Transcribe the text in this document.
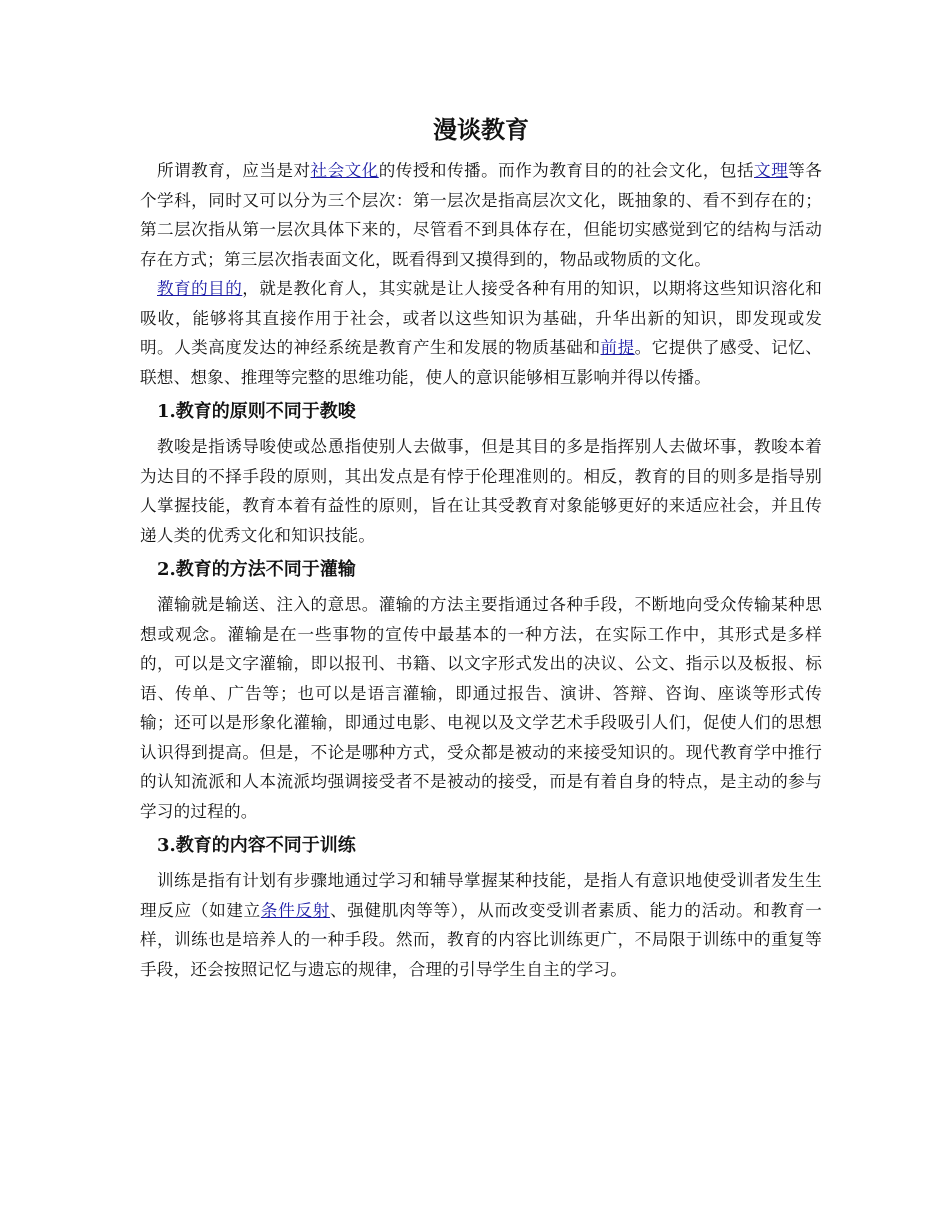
漫谈教育

所谓教育，应当是对社会文化的传授和传播。而作为教育目的的社会文化，包括文理等各个学科，同时又可以分为三个层次：第一层次是指高层次文化，既抽象的、看不到存在的；第二层次指从第一层次具体下来的，尽管看不到具体存在，但能切实感觉到它的结构与活动存在方式；第三层次指表面文化，既看得到又摸得到的，物品或物质的文化。

教育的目的，就是教化育人，其实就是让人接受各种有用的知识，以期将这些知识溶化和吸收，能够将其直接作用于社会，或者以这些知识为基础，升华出新的知识，即发现或发明。人类高度发达的神经系统是教育产生和发展的物质基础和前提。它提供了感受、记忆、联想、想象、推理等完整的思维功能，使人的意识能够相互影响并得以传播。

1.教育的原则不同于教唆

教唆是指诱导唆使或怂恿指使别人去做事，但是其目的多是指挥别人去做坏事，教唆本着为达目的不择手段的原则，其出发点是有悖于伦理准则的。相反，教育的目的则多是指导别人掌握技能，教育本着有益性的原则，旨在让其受教育对象能够更好的来适应社会，并且传递人类的优秀文化和知识技能。

2.教育的方法不同于灌输

灌输就是输送、注入的意思。灌输的方法主要指通过各种手段，不断地向受众传输某种思想或观念。灌输是在一些事物的宣传中最基本的一种方法，在实际工作中，其形式是多样的，可以是文字灌输，即以报刊、书籍、以文字形式发出的决议、公文、指示以及板报、标语、传单、广告等；也可以是语言灌输，即通过报告、演讲、答辩、咨询、座谈等形式传输；还可以是形象化灌输，即通过电影、电视以及文学艺术手段吸引人们，促使人们的思想认识得到提高。但是，不论是哪种方式，受众都是被动的来接受知识的。现代教育学中推行的认知流派和人本流派均强调接受者不是被动的接受，而是有着自身的特点，是主动的参与学习的过程的。

3.教育的内容不同于训练

训练是指有计划有步骤地通过学习和辅导掌握某种技能，是指人有意识地使受训者发生生理反应（如建立条件反射、强健肌肉等等），从而改变受训者素质、能力的活动。和教育一样，训练也是培养人的一种手段。然而，教育的内容比训练更广，不局限于训练中的重复等手段，还会按照记忆与遗忘的规律，合理的引导学生自主的学习。
